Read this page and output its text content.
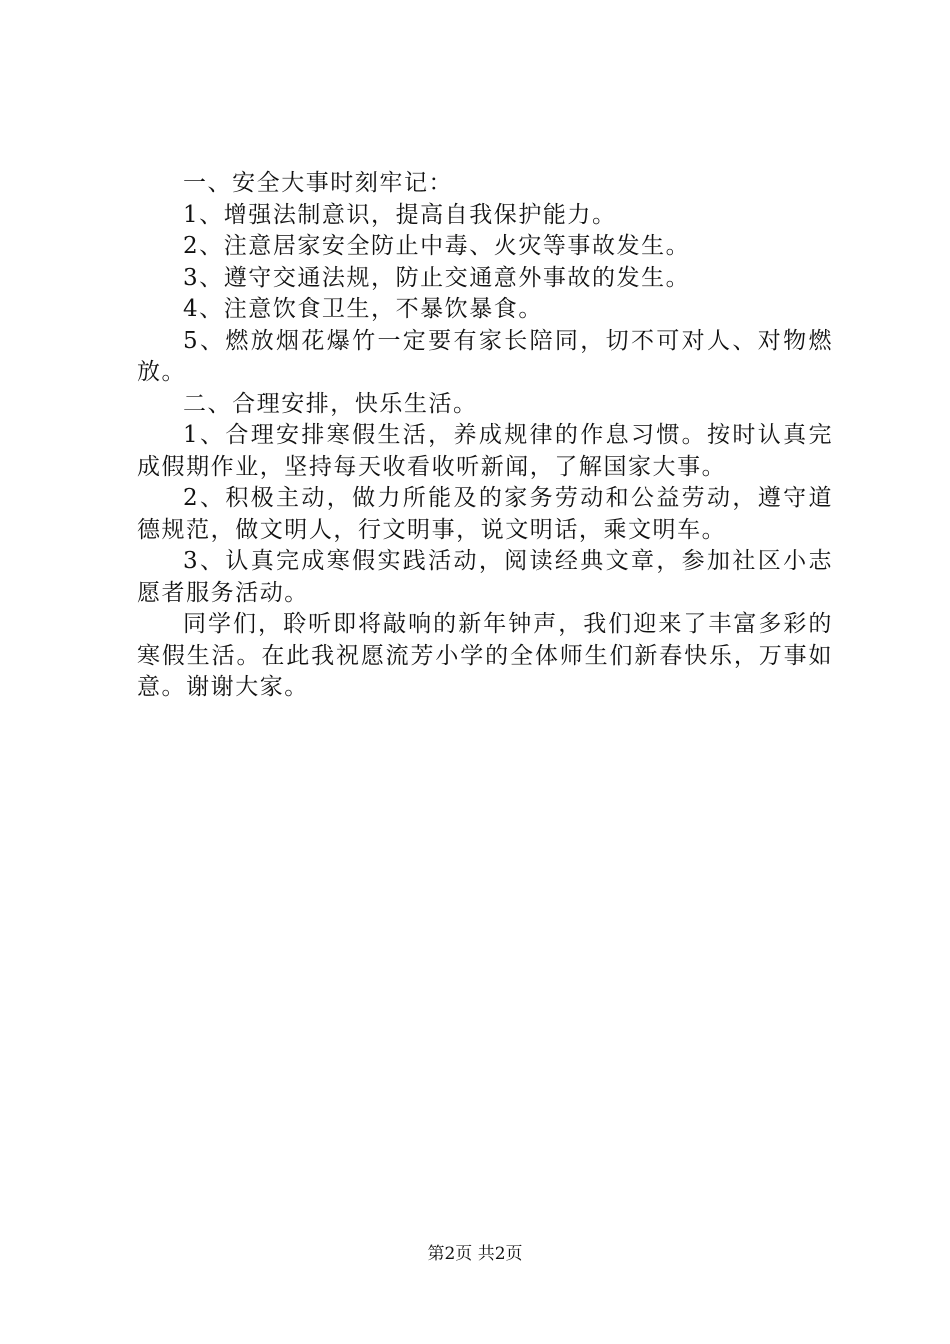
一、安全大事时刻牢记：

1、增强法制意识，提高自我保护能力。

2、注意居家安全防止中毒、火灾等事故发生。

3、遵守交通法规，防止交通意外事故的发生。

4、注意饮食卫生，不暴饮暴食。

5、燃放烟花爆竹一定要有家长陪同，切不可对人、对物燃放。

二、合理安排，快乐生活。

1、合理安排寒假生活，养成规律的作息习惯。按时认真完成假期作业，坚持每天收看收听新闻，了解国家大事。

2、积极主动，做力所能及的家务劳动和公益劳动，遵守道德规范，做文明人，行文明事，说文明话，乘文明车。

3、认真完成寒假实践活动，阅读经典文章，参加社区小志愿者服务活动。

同学们，聆听即将敲响的新年钟声，我们迎来了丰富多彩的寒假生活。在此我祝愿流芳小学的全体师生们新春快乐，万事如意。谢谢大家。

第2页 共2页
